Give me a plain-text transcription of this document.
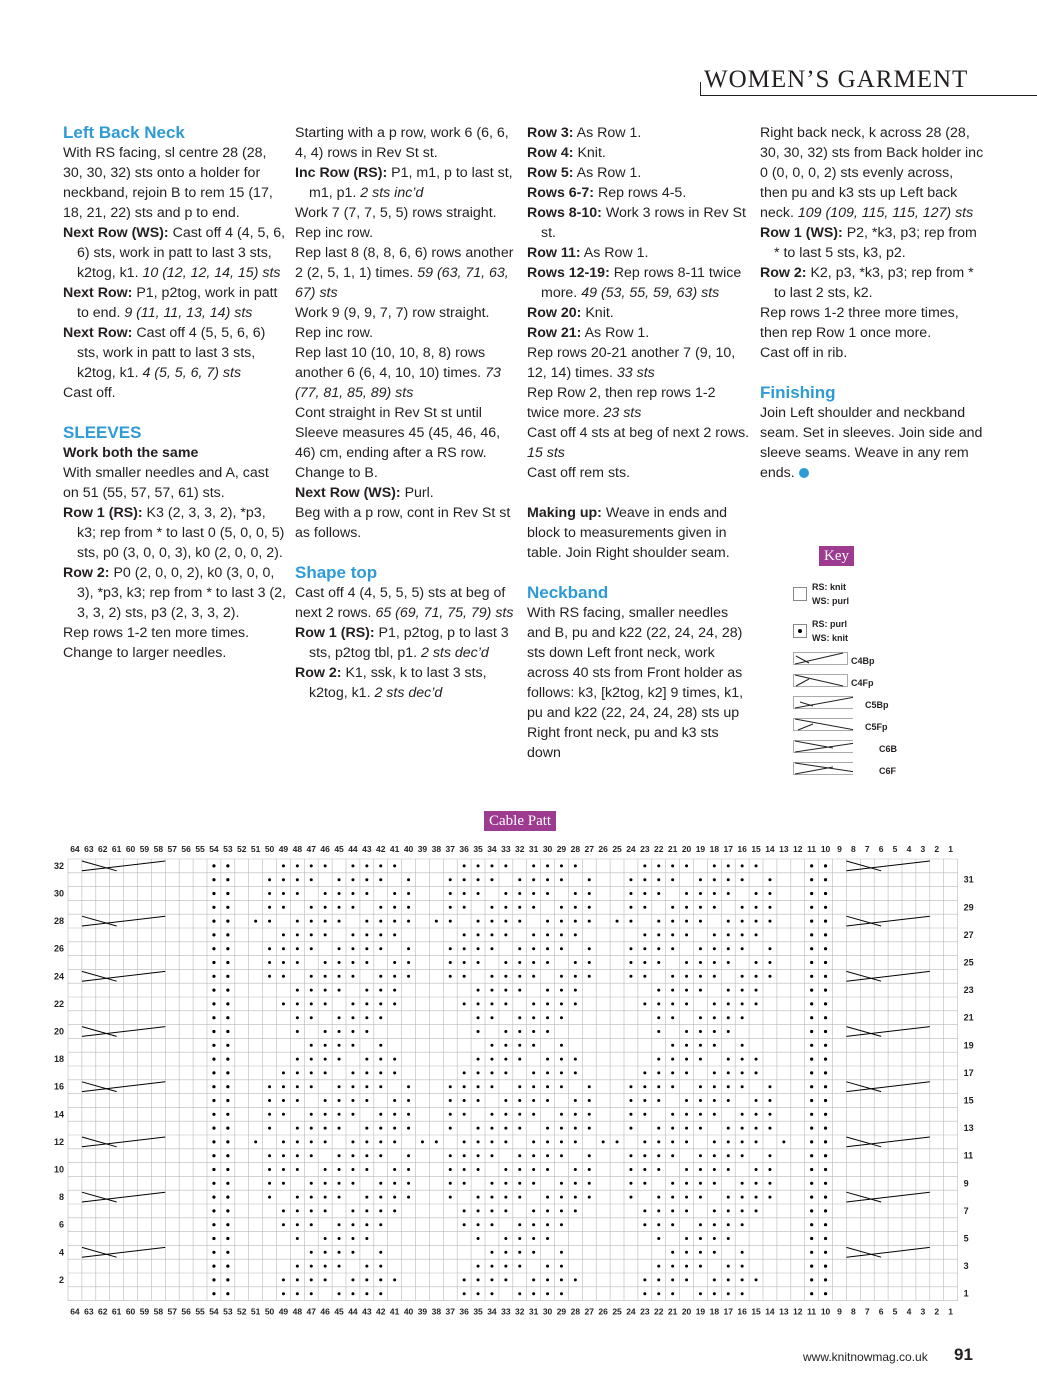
WOMEN’S GARMENT
Left Back Neck

With RS facing, sl centre 28 (28, 30, 30, 32) sts onto a holder for neckband, rejoin B to rem 15 (17, 18, 21, 22) sts and p to end.

Next Row (WS): Cast off 4 (4, 5, 6, 6) sts, work in patt to last 3 sts, k2tog, k1. 10 (12, 12, 14, 15) sts

Next Row: P1, p2tog, work in patt to end. 9 (11, 11, 13, 14) sts

Next Row: Cast off 4 (5, 5, 6, 6) sts, work in patt to last 3 sts, k2tog, k1. 4 (5, 5, 6, 7) sts

Cast off.

SLEEVES
Work both the same

With smaller needles and A, cast on 51 (55, 57, 57, 61) sts.

Row 1 (RS): K3 (2, 3, 3, 2), *p3, k3; rep from * to last 0 (5, 0, 0, 5) sts, p0 (3, 0, 0, 3), k0 (2, 0, 0, 2).

Row 2: P0 (2, 0, 0, 2), k0 (3, 0, 0, 3), *p3, k3; rep from * to last 3 (2, 3, 3, 2) sts, p3 (2, 3, 3, 2).

Rep rows 1-2 ten more times.

Change to larger needles.

Starting with a p row, work 6 (6, 6, 4, 4) rows in Rev St st.

Inc Row (RS): P1, m1, p to last st, m1, p1. 2 sts inc’d

Work 7 (7, 7, 5, 5) rows straight.

Rep inc row.

Rep last 8 (8, 8, 6, 6) rows another 2 (2, 5, 1, 1) times. 59 (63, 71, 63, 67) sts

Work 9 (9, 9, 7, 7) row straight.

Rep inc row.

Rep last 10 (10, 10, 8, 8) rows another 6 (6, 4, 10, 10) times. 73 (77, 81, 85, 89) sts

Cont straight in Rev St st until Sleeve measures 45 (45, 46, 46, 46) cm, ending after a RS row.

Change to B.

Next Row (WS): Purl.

Beg with a p row, cont in Rev St st as follows.

Shape top

Cast off 4 (4, 5, 5, 5) sts at beg of next 2 rows. 65 (69, 71, 75, 79) sts

Row 1 (RS): P1, p2tog, p to last 3 sts, p2tog tbl, p1. 2 sts dec’d

Row 2: K1, ssk, k to last 3 sts, k2tog, k1. 2 sts dec’d

Row 3: As Row 1.

Row 4: Knit.

Row 5: As Row 1.

Rows 6-7: Rep rows 4-5.

Rows 8-10: Work 3 rows in Rev St st.

Row 11: As Row 1.

Rows 12-19: Rep rows 8-11 twice more. 49 (53, 55, 59, 63) sts

Row 20: Knit.

Row 21: As Row 1.

Rep rows 20-21 another 7 (9, 10, 12, 14) times. 33 sts

Rep Row 2, then rep rows 1-2 twice more. 23 sts

Cast off 4 sts at beg of next 2 rows. 15 sts

Cast off rem sts.

Making up: Weave in ends and block to measurements given in table. Join Right shoulder seam.

Neckband

With RS facing, smaller needles and B, pu and k22 (22, 24, 24, 28) sts down Left front neck, work across 40 sts from Front holder as follows: k3, [k2tog, k2] 9 times, k1, pu and k22 (22, 24, 24, 28) sts up Right front neck, pu and k3 sts down

Right back neck, k across 28 (28, 30, 30, 32) sts from Back holder inc 0 (0, 0, 0, 2) sts evenly across, then pu and k3 sts up Left back neck. 109 (109, 115, 115, 127) sts

Row 1 (WS): P2, *k3, p3; rep from * to last 5 sts, k3, p2.

Row 2: K2, p3, *k3, p3; rep from * to last 2 sts, k2.

Rep rows 1-2 three more times, then rep Row 1 once more.

Cast off in rib.

Finishing

Join Left shoulder and neckband seam. Set in sleeves. Join side and sleeve seams. Weave in any rem ends.

Key
RS: knit
WS: purl
RS: purl
WS: knit
C4Bp
C4Fp
C5Bp
C5Fp
C6B
C6F
Cable Patt
64
64
63
63
62
62
61
61
60
60
59
59
58
58
57
57
56
56
55
55
54
54
53
53
52
52
51
51
50
50
49
49
48
48
47
47
46
46
45
45
44
44
43
43
42
42
41
41
40
40
39
39
38
38
37
37
36
36
35
35
34
34
33
33
32
32
31
31
30
30
29
29
28
28
27
27
26
26
25
25
24
24
23
23
22
22
21
21
20
20
19
19
18
18
17
17
16
16
15
15
14
14
13
13
12
12
11
11
10
10
9
9
8
8
7
7
6
6
5
5
4
4
3
3
2
2
1
1
32
30
28
26
24
22
20
18
16
14
12
10
8
6
4
2
31
29
27
25
23
21
19
17
15
13
11
9
7
5
3
1
www.knitnowmag.co.uk 91
